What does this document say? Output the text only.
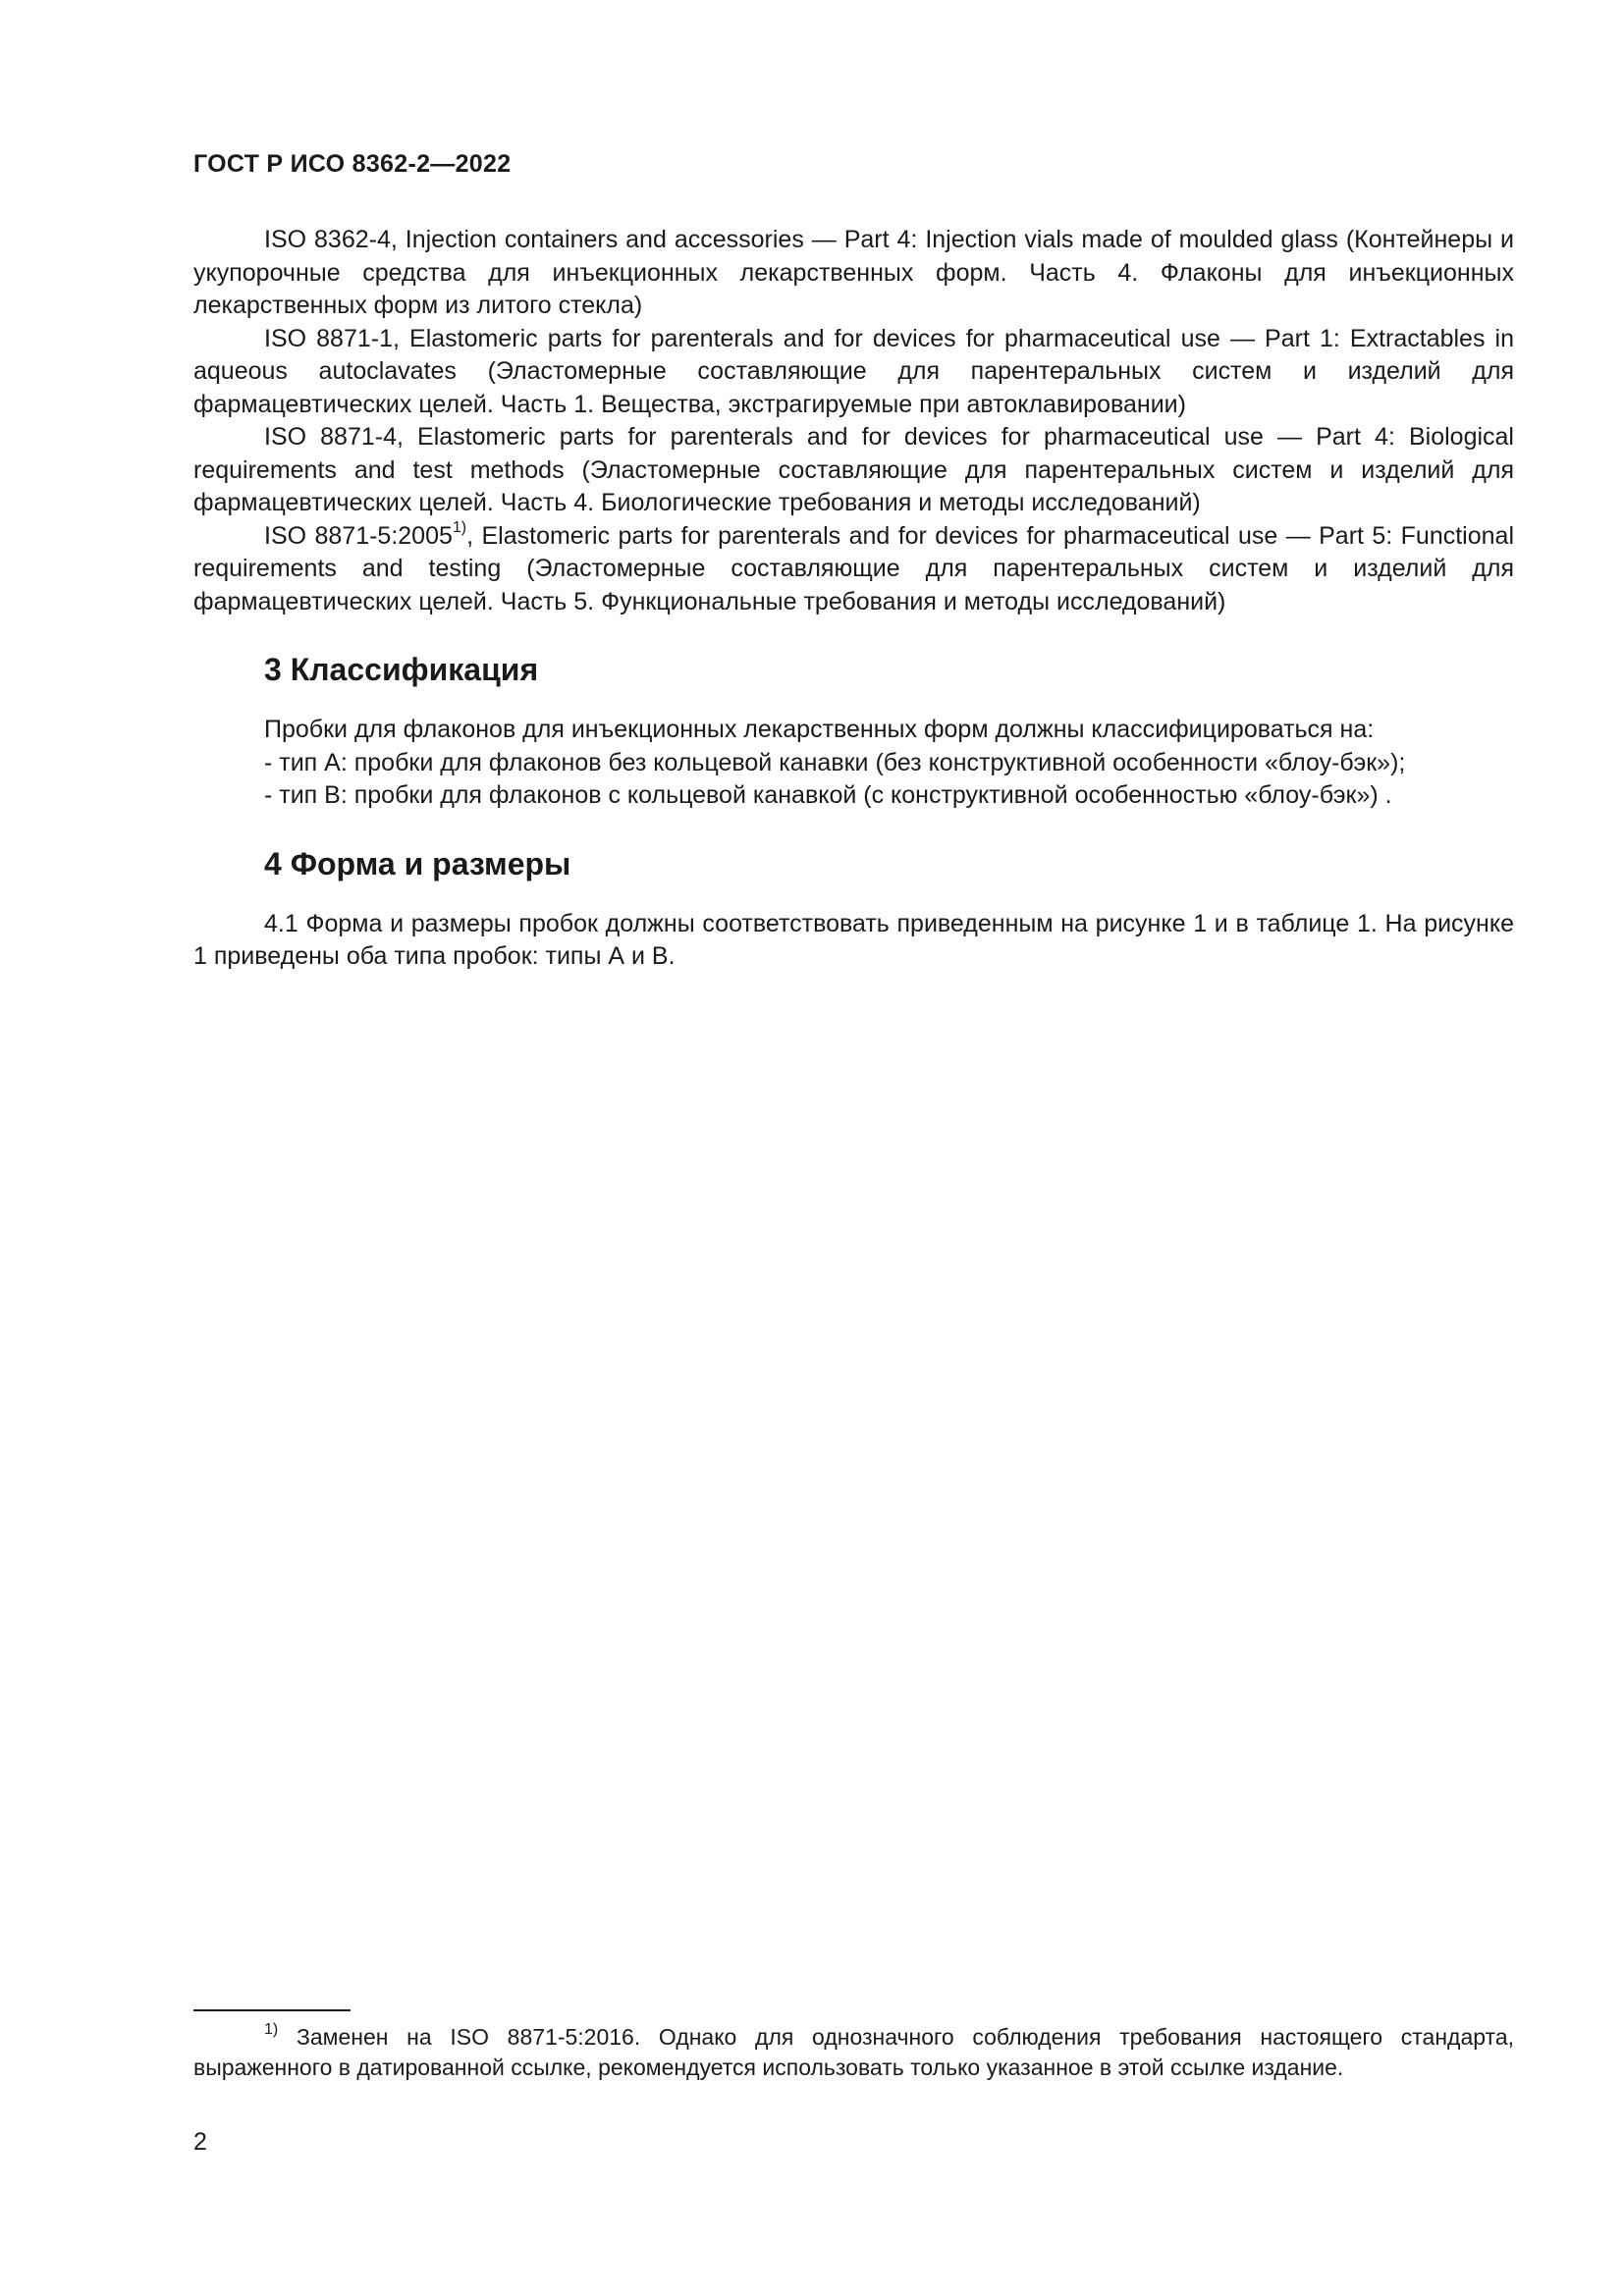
ГОСТ Р ИСО 8362-2—2022

ISO 8362-4, Injection containers and accessories — Part 4: Injection vials made of moulded glass (Контейнеры и укупорочные средства для инъекционных лекарственных форм. Часть 4. Флаконы для инъекционных лекарственных форм из литого стекла)

ISO 8871-1, Elastomeric parts for parenterals and for devices for pharmaceutical use — Part 1: Extractables in aqueous autoclavates (Эластомерные составляющие для парентеральных систем и изделий для фармацевтических целей. Часть 1. Вещества, экстрагируемые при автоклавировании)

ISO 8871-4, Elastomeric parts for parenterals and for devices for pharmaceutical use — Part 4: Biological requirements and test methods (Эластомерные составляющие для парентеральных систем и изделий для фармацевтических целей. Часть 4. Биологические требования и методы исследований)

ISO 8871-5:2005$^{1)}$, Elastomeric parts for parenterals and for devices for pharmaceutical use — Part 5: Functional requirements and testing (Эластомерные составляющие для парентеральных систем и изделий для фармацевтических целей. Часть 5. Функциональные требования и методы исследований)

3 Классификация

Пробки для флаконов для инъекционных лекарственных форм должны классифицироваться на:

- тип А: пробки для флаконов без кольцевой канавки (без конструктивной особенности «блоу-бэк»);

- тип В: пробки для флаконов с кольцевой канавкой (с конструктивной особенностью «блоу-бэк») .

4 Форма и размеры

4.1 Форма и размеры пробок должны соответствовать приведенным на рисунке 1 и в таблице 1. На рисунке 1 приведены оба типа пробок: типы А и В.

$^{1)}$ Заменен на ISO 8871-5:2016. Однако для однозначного соблюдения требования настоящего стандарта, выраженного в датированной ссылке, рекомендуется использовать только указанное в этой ссылке издание.

2
